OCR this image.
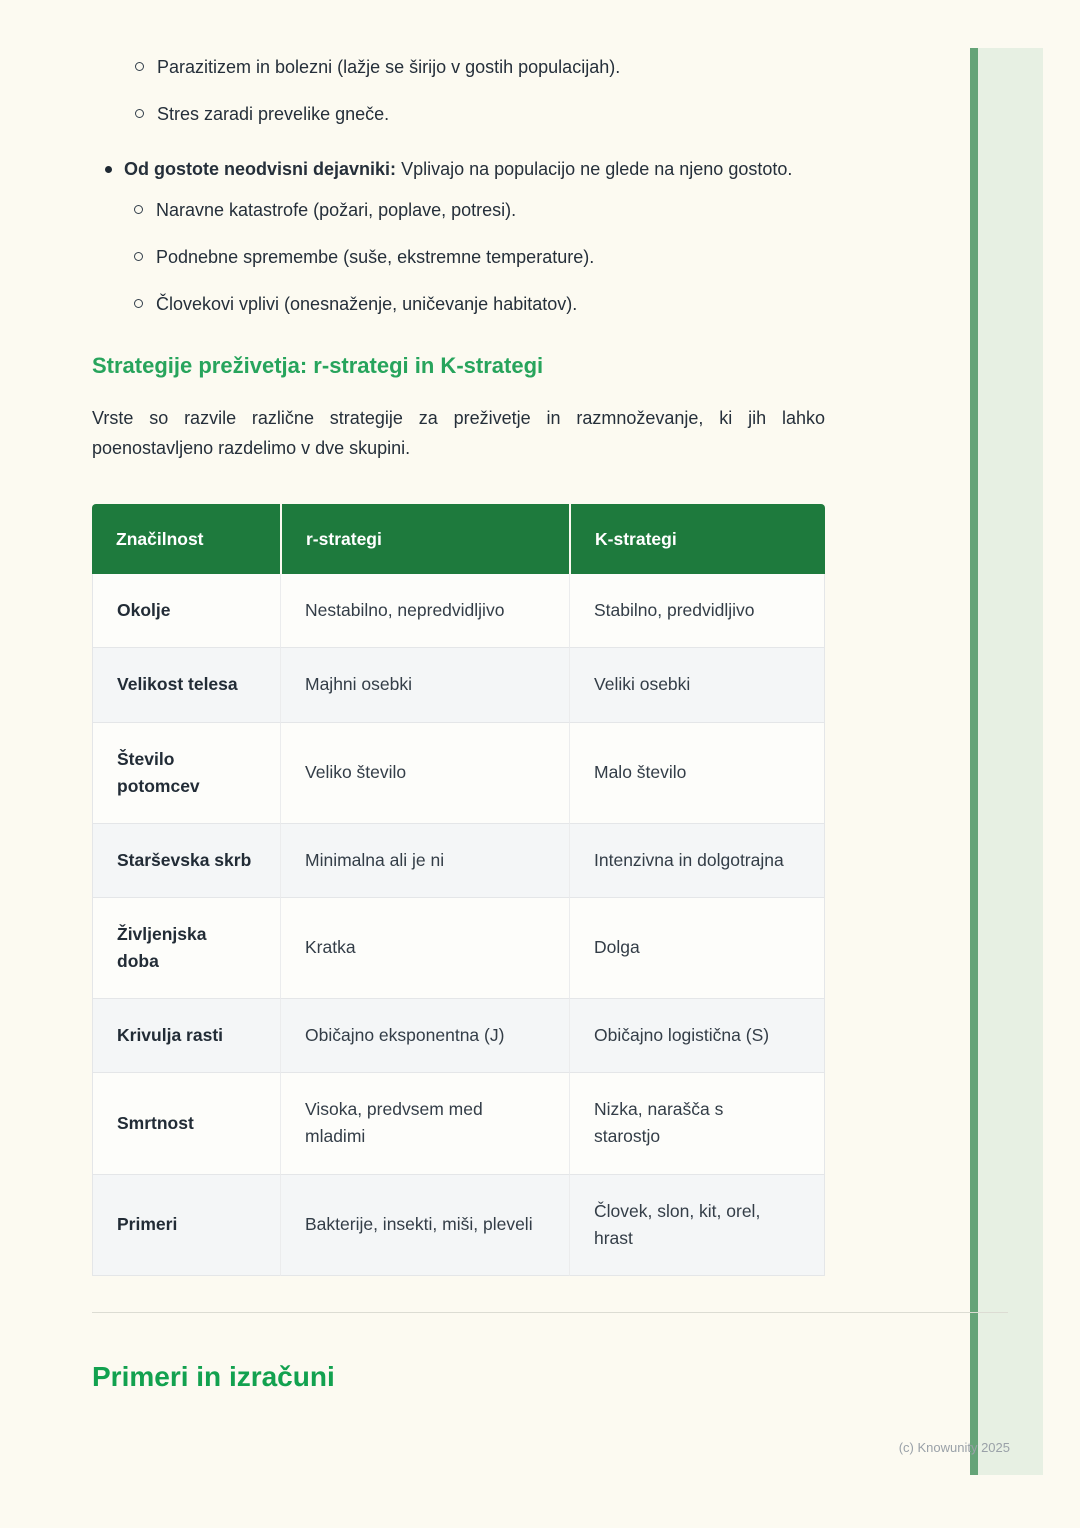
Parazitizem in bolezni (lažje se širijo v gostih populacijah).
Stres zaradi prevelike gneče.

Od gostote neodvisni dejavniki: Vplivajo na populacijo ne glede na njeno gostoto.

Naravne katastrofe (požari, poplave, potresi).
Podnebne spremembe (suše, ekstremne temperature).
Človekovi vplivi (onesnaženje, uničevanje habitatov).
Strategije preživetja: r-strategi in K-strategi

Vrste so razvile različne strategije za preživetje in razmnoževanje, ki jih lahko poenostavljeno razdelimo v dve skupini.

Značilnost	r-strategi	K-strategi
Okolje	Nestabilno, nepredvidljivo	Stabilno, predvidljivo
Velikost telesa	Majhni osebki	Veliki osebki
Število potomcev	Veliko število	Malo število
Starševska skrb	Minimalna ali je ni	Intenzivna in dolgotrajna
Življenjska doba	Kratka	Dolga
Krivulja rasti	Običajno eksponentna (J)	Običajno logistična (S)
Smrtnost	Visoka, predvsem med mladimi	Nizka, narašča s starostjo
Primeri	Bakterije, insekti, miši, pleveli	Človek, slon, kit, orel, hrast
Primeri in izračuni
(c) Knowunity 2025
